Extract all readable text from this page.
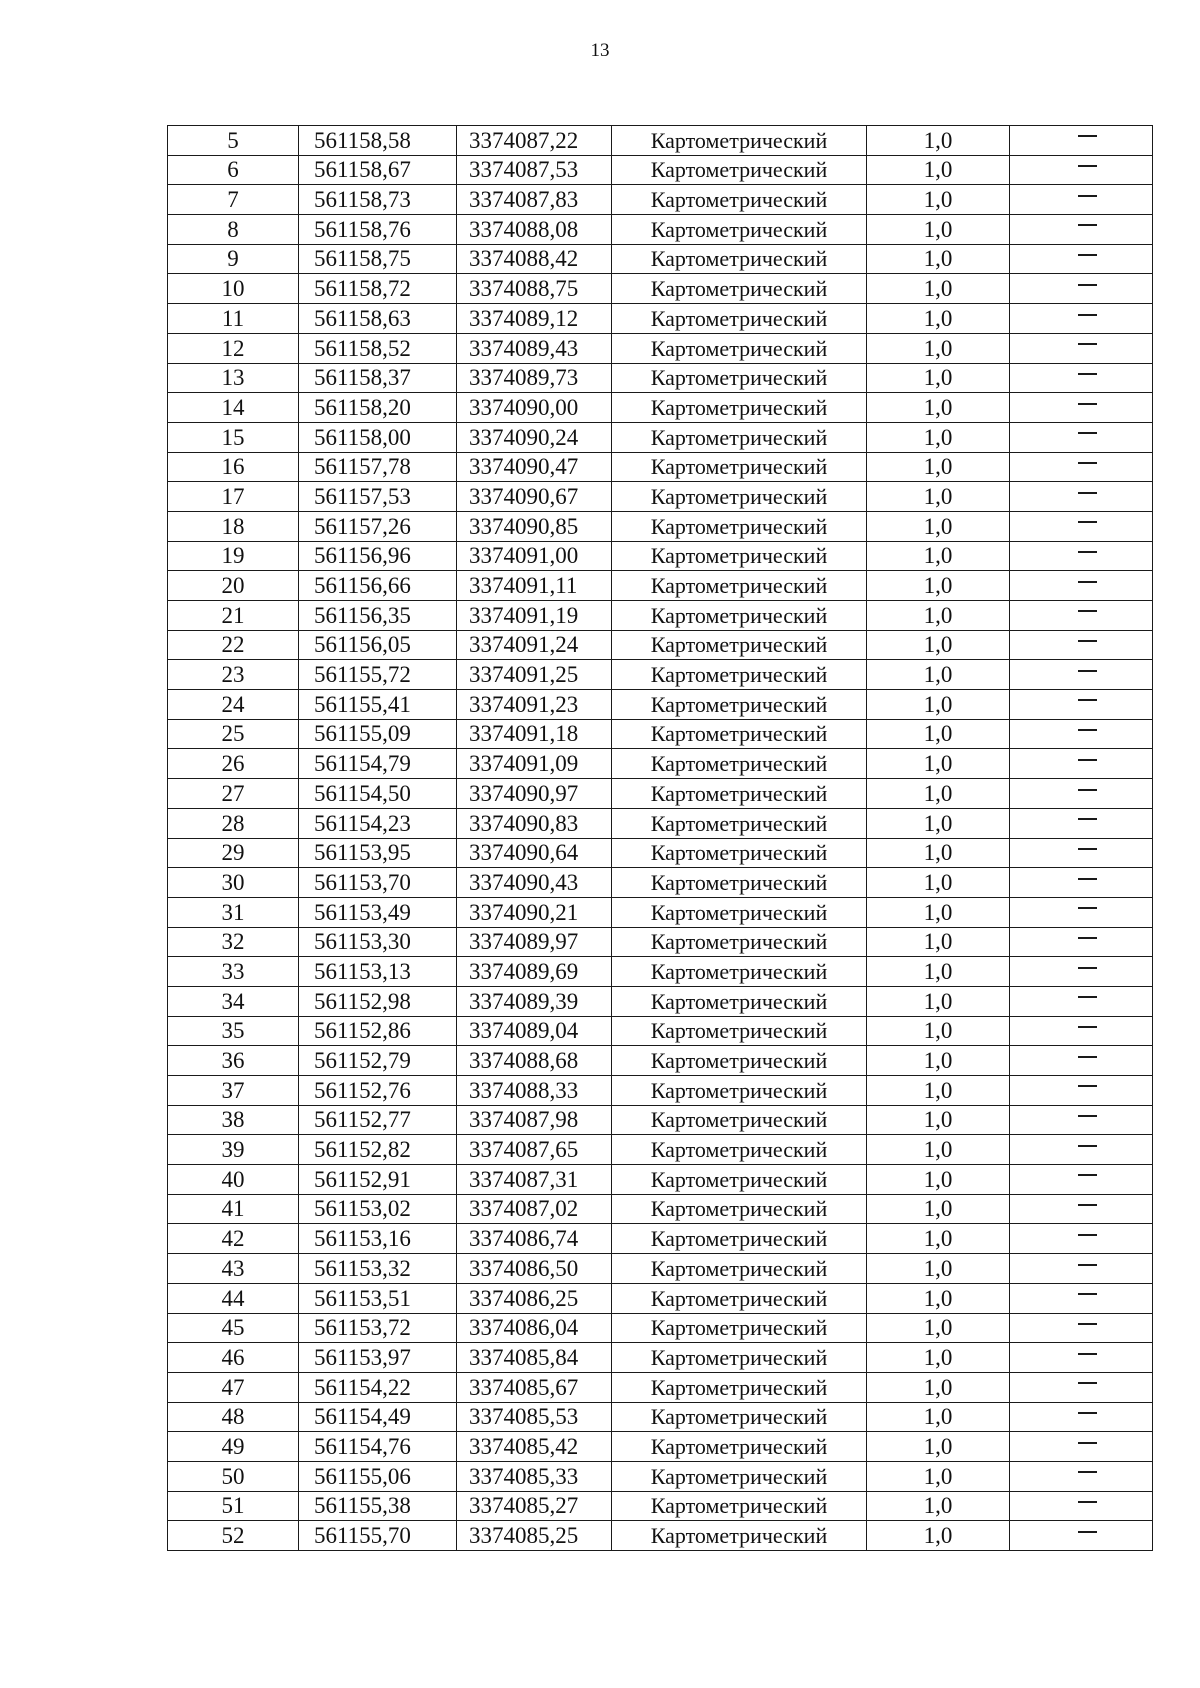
13
5	561158,58	3374087,22	Картометрический	1,0	
6	561158,67	3374087,53	Картометрический	1,0	
7	561158,73	3374087,83	Картометрический	1,0	
8	561158,76	3374088,08	Картометрический	1,0	
9	561158,75	3374088,42	Картометрический	1,0	
10	561158,72	3374088,75	Картометрический	1,0	
11	561158,63	3374089,12	Картометрический	1,0	
12	561158,52	3374089,43	Картометрический	1,0	
13	561158,37	3374089,73	Картометрический	1,0	
14	561158,20	3374090,00	Картометрический	1,0	
15	561158,00	3374090,24	Картометрический	1,0	
16	561157,78	3374090,47	Картометрический	1,0	
17	561157,53	3374090,67	Картометрический	1,0	
18	561157,26	3374090,85	Картометрический	1,0	
19	561156,96	3374091,00	Картометрический	1,0	
20	561156,66	3374091,11	Картометрический	1,0	
21	561156,35	3374091,19	Картометрический	1,0	
22	561156,05	3374091,24	Картометрический	1,0	
23	561155,72	3374091,25	Картометрический	1,0	
24	561155,41	3374091,23	Картометрический	1,0	
25	561155,09	3374091,18	Картометрический	1,0	
26	561154,79	3374091,09	Картометрический	1,0	
27	561154,50	3374090,97	Картометрический	1,0	
28	561154,23	3374090,83	Картометрический	1,0	
29	561153,95	3374090,64	Картометрический	1,0	
30	561153,70	3374090,43	Картометрический	1,0	
31	561153,49	3374090,21	Картометрический	1,0	
32	561153,30	3374089,97	Картометрический	1,0	
33	561153,13	3374089,69	Картометрический	1,0	
34	561152,98	3374089,39	Картометрический	1,0	
35	561152,86	3374089,04	Картометрический	1,0	
36	561152,79	3374088,68	Картометрический	1,0	
37	561152,76	3374088,33	Картометрический	1,0	
38	561152,77	3374087,98	Картометрический	1,0	
39	561152,82	3374087,65	Картометрический	1,0	
40	561152,91	3374087,31	Картометрический	1,0	
41	561153,02	3374087,02	Картометрический	1,0	
42	561153,16	3374086,74	Картометрический	1,0	
43	561153,32	3374086,50	Картометрический	1,0	
44	561153,51	3374086,25	Картометрический	1,0	
45	561153,72	3374086,04	Картометрический	1,0	
46	561153,97	3374085,84	Картометрический	1,0	
47	561154,22	3374085,67	Картометрический	1,0	
48	561154,49	3374085,53	Картометрический	1,0	
49	561154,76	3374085,42	Картометрический	1,0	
50	561155,06	3374085,33	Картометрический	1,0	
51	561155,38	3374085,27	Картометрический	1,0	
52	561155,70	3374085,25	Картометрический	1,0	
